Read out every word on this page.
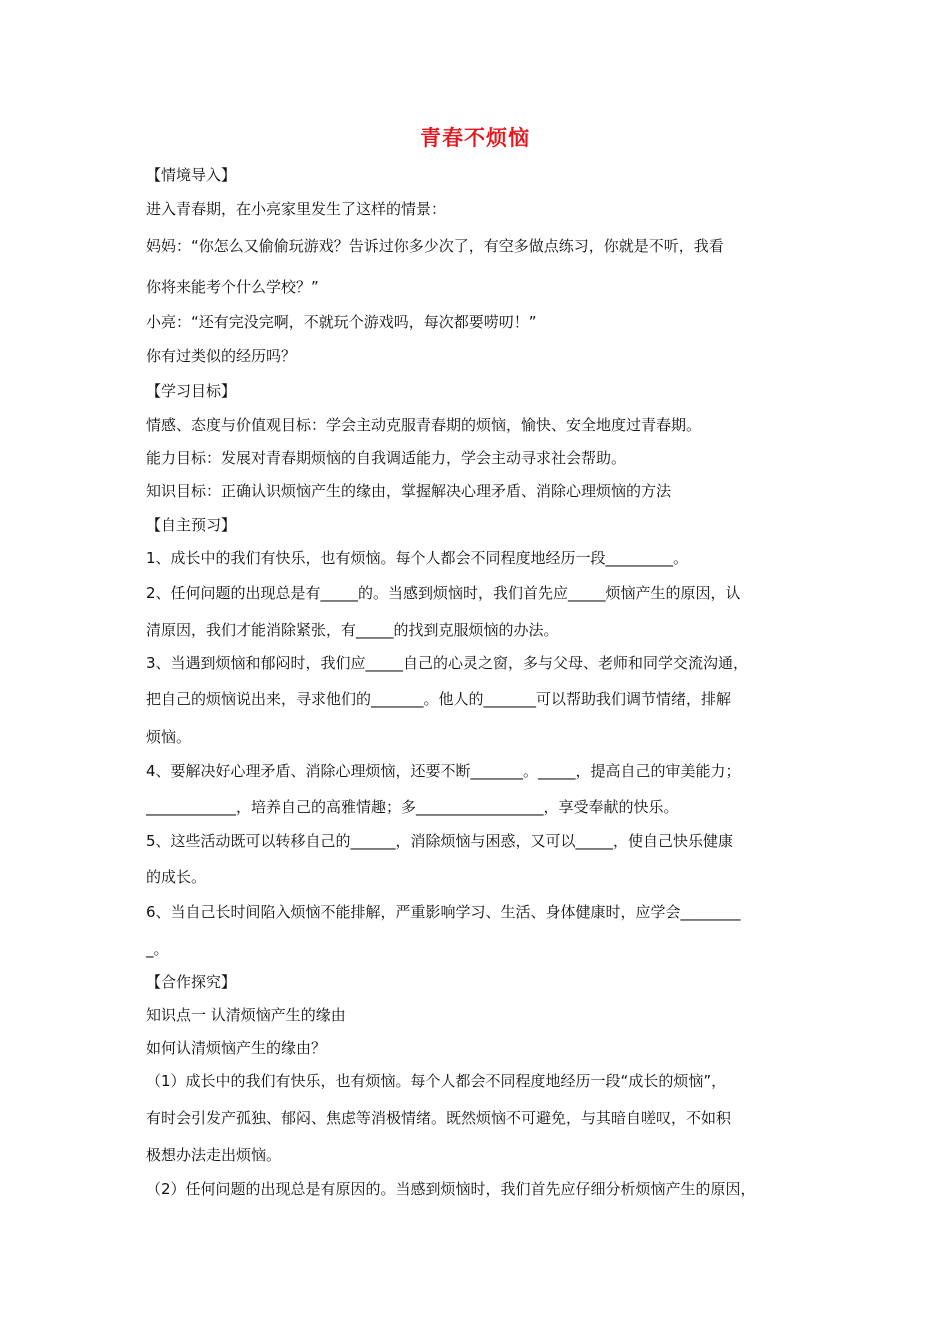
青春不烦恼
【情境导入】
进入青春期，在小亮家里发生了这样的情景：
妈妈：“你怎么又偷偷玩游戏？告诉过你多少次了，有空多做点练习，你就是不听，我看
你将来能考个什么学校？”
小亮：“还有完没完啊，不就玩个游戏吗，每次都要唠叨！”
你有过类似的经历吗？
【学习目标】
情感、态度与价值观目标：学会主动克服青春期的烦恼，愉快、安全地度过青春期。
能力目标：发展对青春期烦恼的自我调适能力，学会主动寻求社会帮助。
知识目标：正确认识烦恼产生的缘由，掌握解决心理矛盾、消除心理烦恼的方法
【自主预习】
1、成长中的我们有快乐，也有烦恼。每个人都会不同程度地经历一段_________。
2、任何问题的出现总是有_____的。当感到烦恼时，我们首先应_____烦恼产生的原因，认
清原因，我们才能消除紧张，有_____的找到克服烦恼的办法。
3、当遇到烦恼和郁闷时，我们应_____自己的心灵之窗，多与父母、老师和同学交流沟通，
把自己的烦恼说出来，寻求他们的_______。他人的_______可以帮助我们调节情绪，排解
烦恼。
4、要解决好心理矛盾、消除心理烦恼，还要不断_______。_____，提高自己的审美能力；
____________，培养自己的高雅情趣；多_________________，享受奉献的快乐。
5、这些活动既可以转移自己的______，消除烦恼与困惑，又可以_____，使自己快乐健康
的成长。
6、当自己长时间陷入烦恼不能排解，严重影响学习、生活、身体健康时，应学会________
_。
【合作探究】
知识点一 认清烦恼产生的缘由
如何认清烦恼产生的缘由？
（1）成长中的我们有快乐，也有烦恼。每个人都会不同程度地经历一段“成长的烦恼”，
有时会引发产孤独、郁闷、焦虑等消极情绪。既然烦恼不可避免，与其暗自嗟叹，不如积
极想办法走出烦恼。
（2）任何问题的出现总是有原因的。当感到烦恼时，我们首先应仔细分析烦恼产生的原因，
